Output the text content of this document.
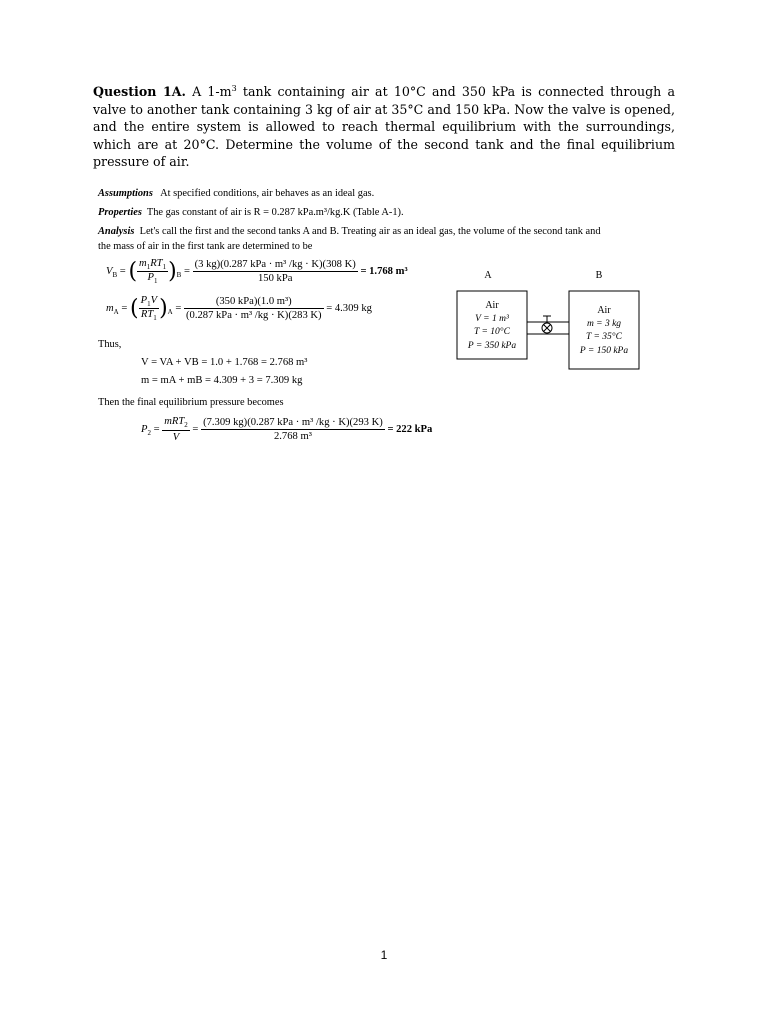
Question 1A. A $1-m^3$ tank containing air at 10°C and 350 kPa is connected through a valve to another tank containing 3 kg of air at 35°C and 150 kPa. Now the valve is opened, and the entire system is allowed to reach thermal equilibrium with the surroundings, which are at 20°C. Determine the volume of the second tank and the final equilibrium pressure of air.
Assumptions At specified conditions, air behaves as an ideal gas.
Properties The gas constant of air is R = 0.287 kPa.m³/kg.K (Table A-1).
Analysis Let's call the first and the second tanks A and B. Treating air as an ideal gas, the volume of the second tank and
the mass of air in the first tank are determined to be
$V_B$ = ( $\frac{m_1RT_1}{P_1} )_B = \frac{\text{(3 kg)(0.287 kPa · m³ /kg · K)(308 K)}}{\text{150 kPa}} = 1.768$ m³
$m_A$ = ( $\frac{P_1V}{RT_1} )_A = \frac{\text{(350 kPa)(1.0 m³)}}{\text{(0.287 kPa · m³ /kg · K)(283 K)}} = 4.309$ kg
Thus,
V = VA + VB = 1.0 + 1.768 = 2.768 m³
m = mA + mB = 4.309 + 3 = 7.309 kg
Then the final equilibrium pressure becomes
$P_2 = \frac{mRT_2}{V} = \frac{\text{(7.309 kg)(0.287 kPa · m³ /kg · K)(293 K)}}{\text{2.768 m³}} = 222$ kPa
A	B
Air
V = 1 m³
T = 10°C
P = 350 kPa
Air
m = 3 kg
T = 35°C
P = 150 kPa
1
